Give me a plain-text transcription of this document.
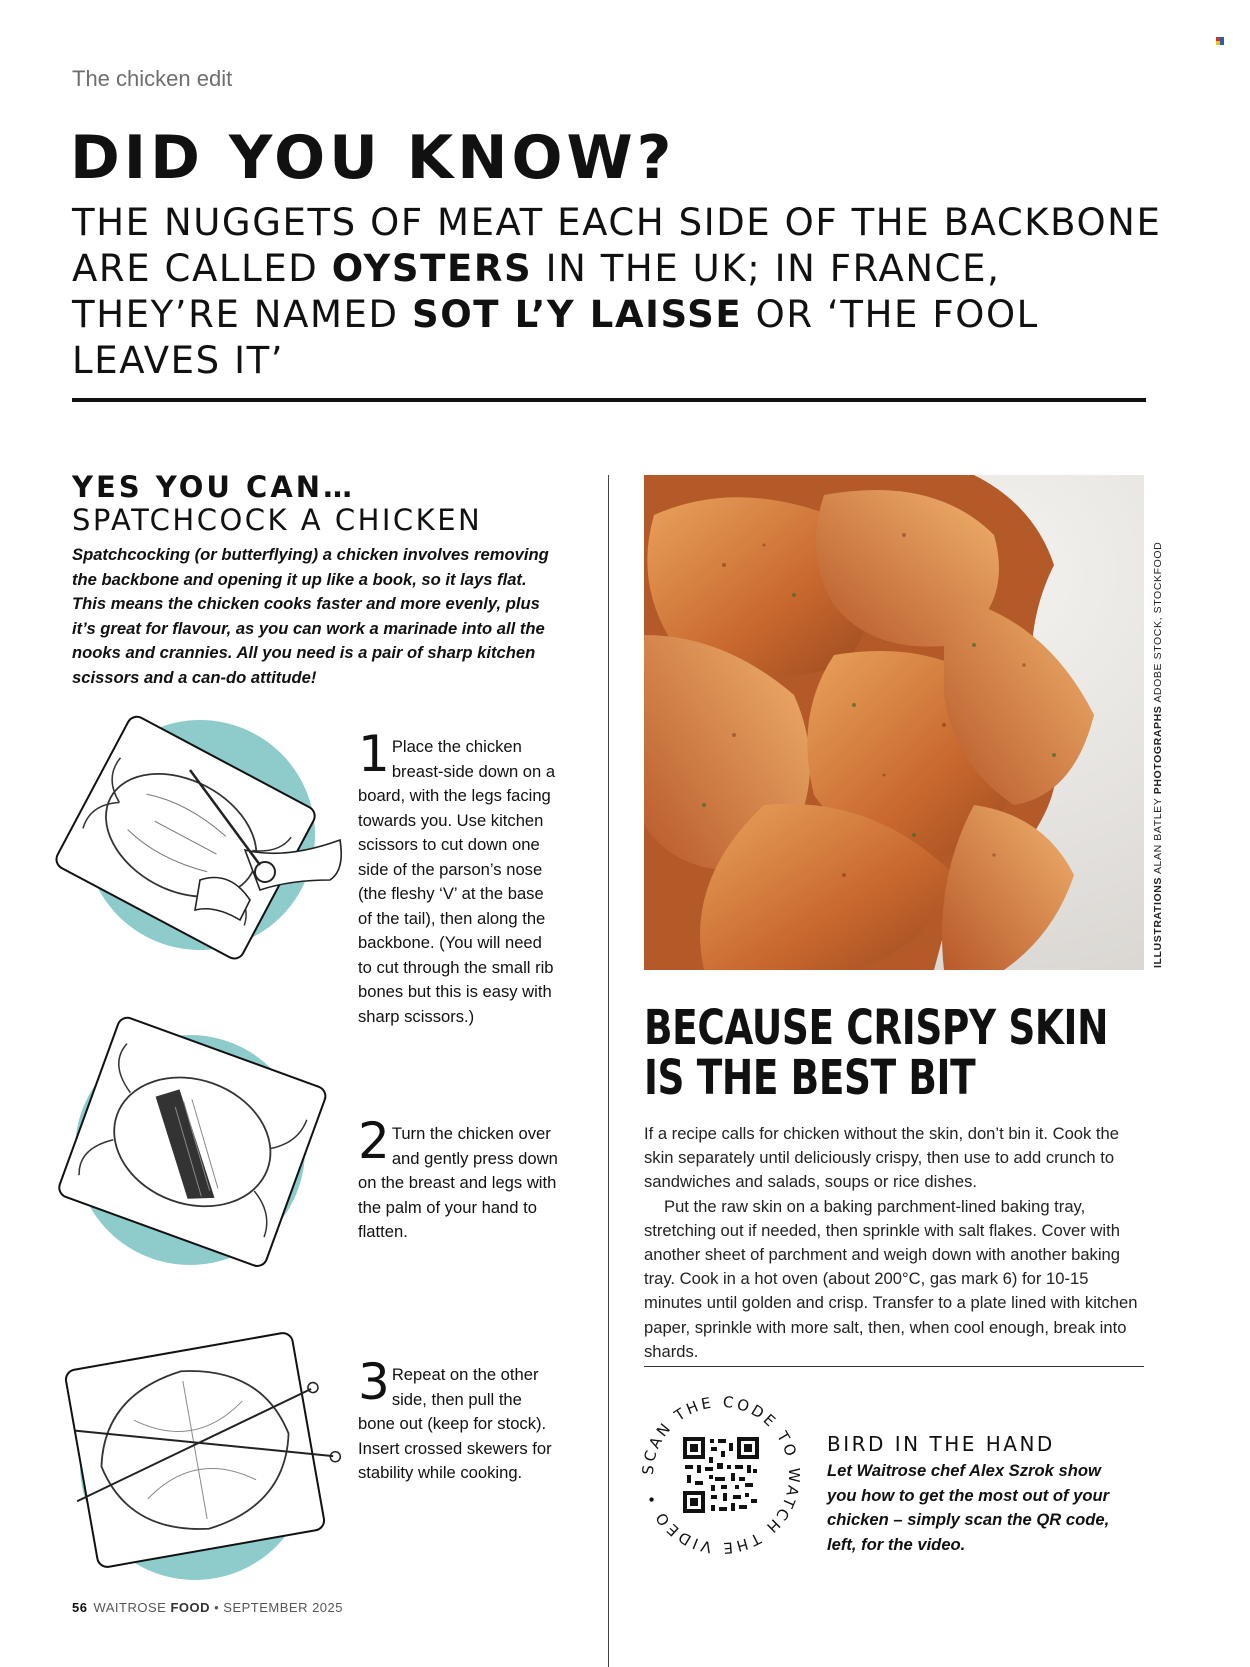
The chicken edit
DID YOU KNOW?
THE NUGGETS OF MEAT EACH SIDE OF THE BACKBONE ARE CALLED OYSTERS IN THE UK; IN FRANCE, THEY’RE NAMED SOT L’Y LAISSE OR ‘THE FOOL LEAVES IT’
YES YOU CAN…
SPATCHCOCK A CHICKEN
Spatchcocking (or butterflying) a chicken involves removing the backbone and opening it up like a book, so it lays flat. This means the chicken cooks faster and more evenly, plus it’s great for flavour, as you can work a marinade into all the nooks and crannies. All you need is a pair of sharp kitchen scissors and a can-do attitude!
1 Place the chicken breast-side down on a board, with the legs facing towards you. Use kitchen scissors to cut down one side of the parson’s nose (the fleshy ‘V’ at the base of the tail), then along the backbone. (You will need to cut through the small rib bones but this is easy with sharp scissors.)
2 Turn the chicken over and gently press down on the breast and legs with the palm of your hand to flatten.
3 Repeat on the other side, then pull the bone out (keep for stock). Insert crossed skewers for stability while cooking.
ILLUSTRATIONS ALAN BATLEY PHOTOGRAPHS ADOBE STOCK, STOCKFOOD
BECAUSE CRISPY SKIN
IS THE BEST BIT

If a recipe calls for chicken without the skin, don’t bin it. Cook the skin separately until deliciously crispy, then use to add crunch to sandwiches and salads, soups or rice dishes.

Put the raw skin on a baking parchment-lined baking tray, stretching out if needed, then sprinkle with salt flakes. Cover with another sheet of parchment and weigh down with another baking tray. Cook in a hot oven (about 200°C, gas mark 6) for 10-15 minutes until golden and crisp. Transfer to a plate lined with kitchen paper, sprinkle with more salt, then, when cool enough, break into shards.

SCAN THE CODE TO WATCH THE VIDEO •
BIRD IN THE HAND
Let Waitrose chef Alex Szrok show you how to get the most out of your chicken – simply scan the QR code, left, for the video.
56 WAITROSE FOOD • SEPTEMBER 2025
